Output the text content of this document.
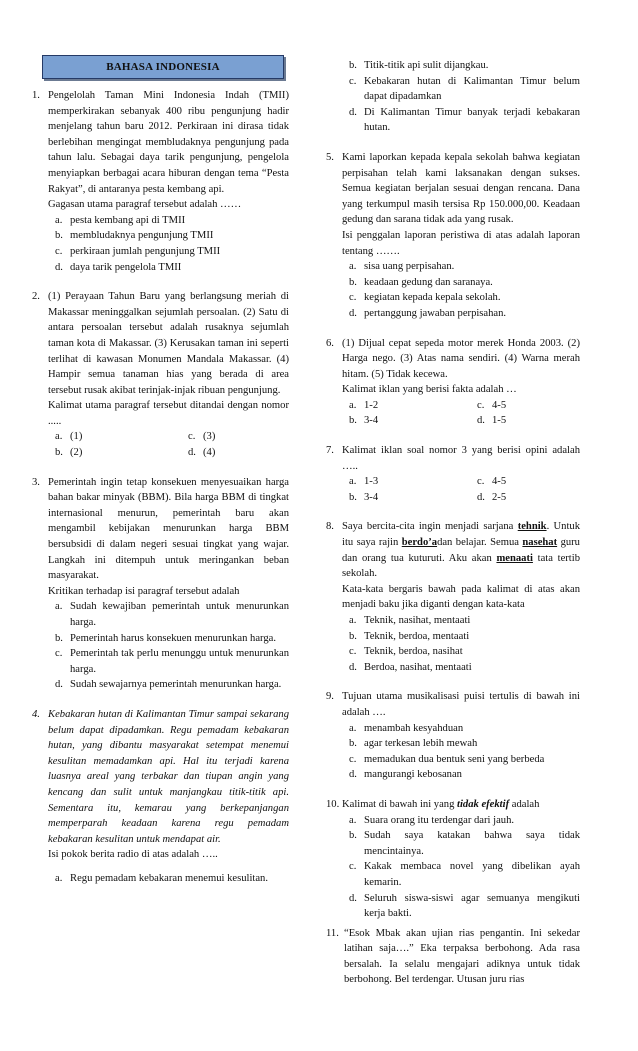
BAHASA INDONESIA
1. Pengelolah Taman Mini Indonesia Indah (TMII) memperkirakan sebanyak 400 ribu pengunjung hadir menjelang tahun baru 2012. Perkiraan ini dirasa tidak berlebihan mengingat membludaknya pengunjung pada tahun lalu. Sebagai daya tarik pengunjung, pengelola menyiapkan berbagai acara hiburan dengan tema “Pesta Rakyat”, di antaranya pesta kembang api.
Gagasan utama paragraf tersebut adalah ……
a. pesta kembang api di TMII
b. membludaknya pengunjung TMII
c. perkiraan jumlah pengunjung TMII
d. daya tarik pengelola TMII
2. (1) Perayaan Tahun Baru yang berlangsung meriah di Makassar meninggalkan sejumlah persoalan. (2) Satu di antara persoalan tersebut adalah rusaknya sejumlah taman kota di Makassar. (3) Kerusakan taman ini seperti terlihat di kawasan Monumen Mandala Makassar. (4) Hampir semua tanaman hias yang berada di area tersebut rusak akibat terinjak-injak ribuan pengunjung.
Kalimat utama paragraf tersebut ditandai dengan nomor .....
a. (1)	c. (3)
b. (2)	d. (4)
3. Pemerintah ingin tetap konsekuen menyesuaikan harga bahan bakar minyak (BBM). Bila harga BBM di tingkat internasional menurun, pemerintah baru akan mengambil kebijakan menurunkan harga BBM bersubsidi di dalam negeri sesuai tingkat yang wajar. Langkah ini ditempuh untuk meringankan beban masyarakat.
Kritikan terhadap isi paragraf tersebut adalah
a. Sudah kewajiban pemerintah untuk menurunkan harga.
b. Pemerintah harus konsekuen menurunkan harga.
c. Pemerintah tak perlu menunggu untuk menurunkan harga.
d. Sudah sewajarnya pemerintah menurunkan harga.
4. Kebakaran hutan di Kalimantan Timur sampai sekarang belum dapat dipadamkan. Regu pemadam kebakaran hutan, yang dibantu masyarakat setempat menemui kesulitan memadamkan api. Hal itu terjadi karena luasnya areal yang terbakar dan tiupan angin yang kencang dan sulit untuk manjangkau titik-titik api. Sementara itu, kemarau yang berkepanjangan memperparah keadaan karena regu pemadam kebakaran kesulitan untuk mendapat air.
Isi pokok berita radio di atas adalah …..
a. Regu pemadam kebakaran menemui kesulitan.
b. Titik-titik api sulit dijangkau.
c. Kebakaran hutan di Kalimantan Timur belum dapat dipadamkan
d. Di Kalimantan Timur banyak terjadi kebakaran hutan.
5. Kami laporkan kepada kepala sekolah bahwa kegiatan perpisahan telah kami laksanakan dengan sukses. Semua kegiatan berjalan sesuai dengan rencana. Dana yang terkumpul masih tersisa Rp 150.000,00. Keadaan gedung dan sarana tidak ada yang rusak.
Isi penggalan laporan peristiwa di atas adalah laporan tentang …….
a. sisa uang perpisahan.
b. keadaan gedung dan saranaya.
c. kegiatan kepada kepala sekolah.
d. pertanggung jawaban perpisahan.
6. (1) Dijual cepat sepeda motor merek Honda 2003. (2) Harga nego. (3) Atas nama sendiri. (4) Warna merah hitam. (5) Tidak kecewa.
Kalimat iklan yang berisi fakta adalah …
a. 1-2	c. 4-5
b. 3-4	d. 1-5
7. Kalimat iklan soal nomor 3 yang berisi opini adalah …..
a. 1-3	c. 4-5
b. 3-4	d. 2-5
8. Saya bercita-cita ingin menjadi sarjana tehnik. Untuk itu saya rajin berdo’adan belajar. Semua nasehat guru dan orang tua kuturuti. Aku akan menaati tata tertib sekolah.
Kata-kata bergaris bawah pada kalimat di atas akan menjadi baku jika diganti dengan kata-kata
a. Teknik, nasihat, mentaati
b. Teknik, berdoa, mentaati
c. Teknik, berdoa, nasihat
d. Berdoa, nasihat, mentaati
9. Tujuan utama musikalisasi puisi tertulis di bawah ini adalah ….
a. menambah kesyahduan
b. agar terkesan lebih mewah
c. memadukan dua bentuk seni yang berbeda
d. mangurangi kebosanan
10. Kalimat di bawah ini yang tidak efektif adalah
a. Suara orang itu terdengar dari jauh.
b. Sudah saya katakan bahwa saya tidak mencintainya.
c. Kakak membaca novel yang dibelikan ayah kemarin.
d. Seluruh siswa-siswi agar semuanya mengikuti kerja bakti.
11. “Esok Mbak akan ujian rias pengantin. Ini sekedar latihan saja….” Eka terpaksa berbohong. Ada rasa bersalah. Ia selalu mengajari adiknya untuk tidak berbohong. Bel terdengar. Utusan juru rias
